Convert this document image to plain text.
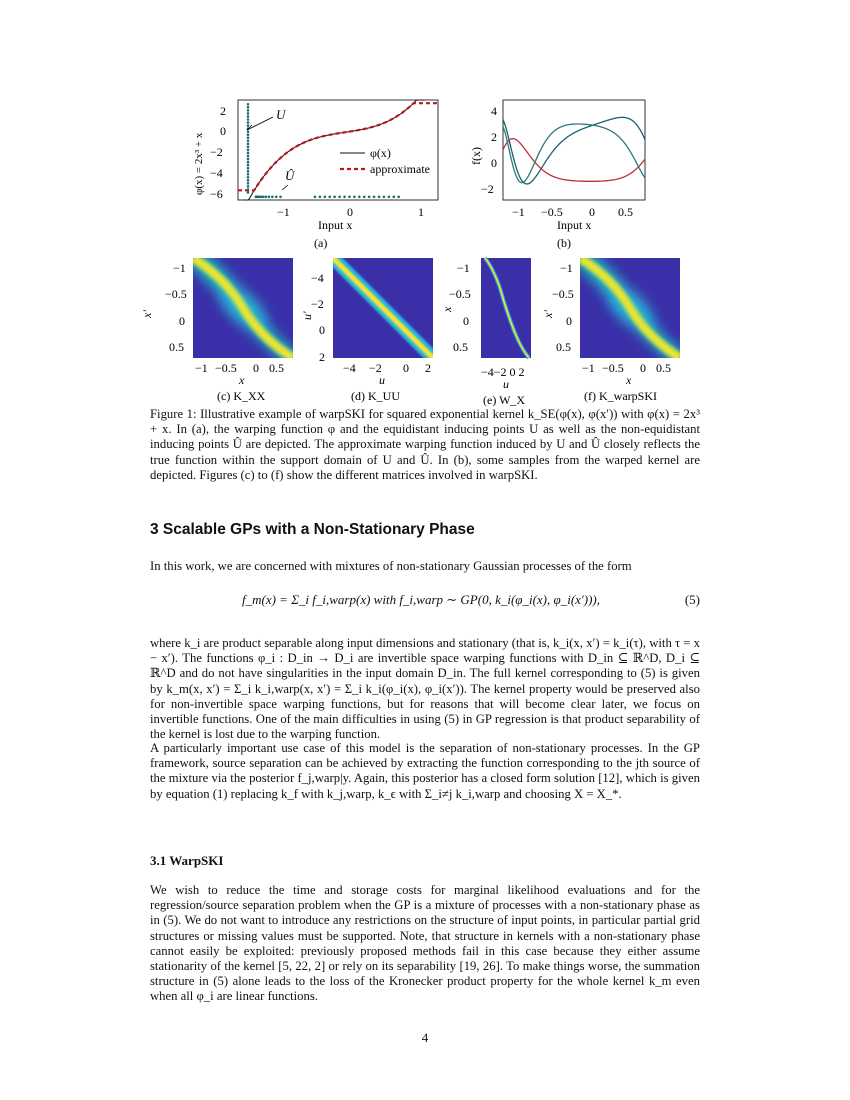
U
Û
φ(x)
approximate
2
0
−2
−4
−6
−1	0	1
Input x
φ(x) = 2x³ + x
(a)
4
2
0
−2
−1 −0.5 0 0.5
Input x
f(x)
(b)
−1
−0.5
0
0.5
−1 −0.5 0 0.5
x
x′
(c) K_XX
−4
−2
0
2
−4 −2 0 2
u
u′
(d) K_UU
−1
−0.5
0
0.5
−4−2 0 2
u
x
(e) W_X
−1
−0.5
0
0.5
−1 −0.5 0 0.5
x
x′
(f) K_warpSKI
Figure 1: Illustrative example of warpSKI for squared exponential kernel k_SE(φ(x), φ(x′)) with φ(x) = 2x³ + x. In (a), the warping function φ and the equidistant inducing points U as well as the non-equidistant inducing points Û are depicted. The approximate warping function induced by U and Û closely reflects the true function within the support domain of U and Û. In (b), some samples from the warped kernel are depicted. Figures (c) to (f) show the different matrices involved in warpSKI.
3 Scalable GPs with a Non-Stationary Phase
In this work, we are concerned with mixtures of non-stationary Gaussian processes of the form
f_m(x) = Σ_i f_i,warp(x) with f_i,warp ∼ GP(0, k_i(φ_i(x), φ_i(x′))),	(5)
where k_i are product separable along input dimensions and stationary (that is, k_i(x, x′) = k_i(τ), with τ = x − x′). The functions φ_i : D_in → D_i are invertible space warping functions with D_in ⊆ ℝ^D, D_i ⊆ ℝ^D and do not have singularities in the input domain D_in. The full kernel corresponding to (5) is given by k_m(x, x′) = Σ_i k_i,warp(x, x′) = Σ_i k_i(φ_i(x), φ_i(x′)). The kernel property would be preserved also for non-invertible space warping functions, but for reasons that will become clear later, we focus on invertible functions. One of the main difficulties in using (5) in GP regression is that product separability of the kernel is lost due to the warping function.
A particularly important use case of this model is the separation of non-stationary processes. In the GP framework, source separation can be achieved by extracting the function corresponding to the jth source of the mixture via the posterior f_j,warp|y. Again, this posterior has a closed form solution [12], which is given by equation (1) replacing k_f with k_j,warp, k_ϵ with Σ_i≠j k_i,warp and choosing X = X_*.
3.1 WarpSKI
We wish to reduce the time and storage costs for marginal likelihood evaluations and for the regression/source separation problem when the GP is a mixture of processes with a non-stationary phase as in (5). We do not want to introduce any restrictions on the structure of input points, in particular partial grid structures or missing values must be supported. Note, that structure in kernels with a non-stationary phase cannot easily be exploited: previously proposed methods fail in this case because they either assume stationarity of the kernel [5, 22, 2] or rely on its separability [19, 26]. To make things worse, the summation structure in (5) alone leads to the loss of the Kronecker product property for the whole kernel k_m even when all φ_i are linear functions.
4
